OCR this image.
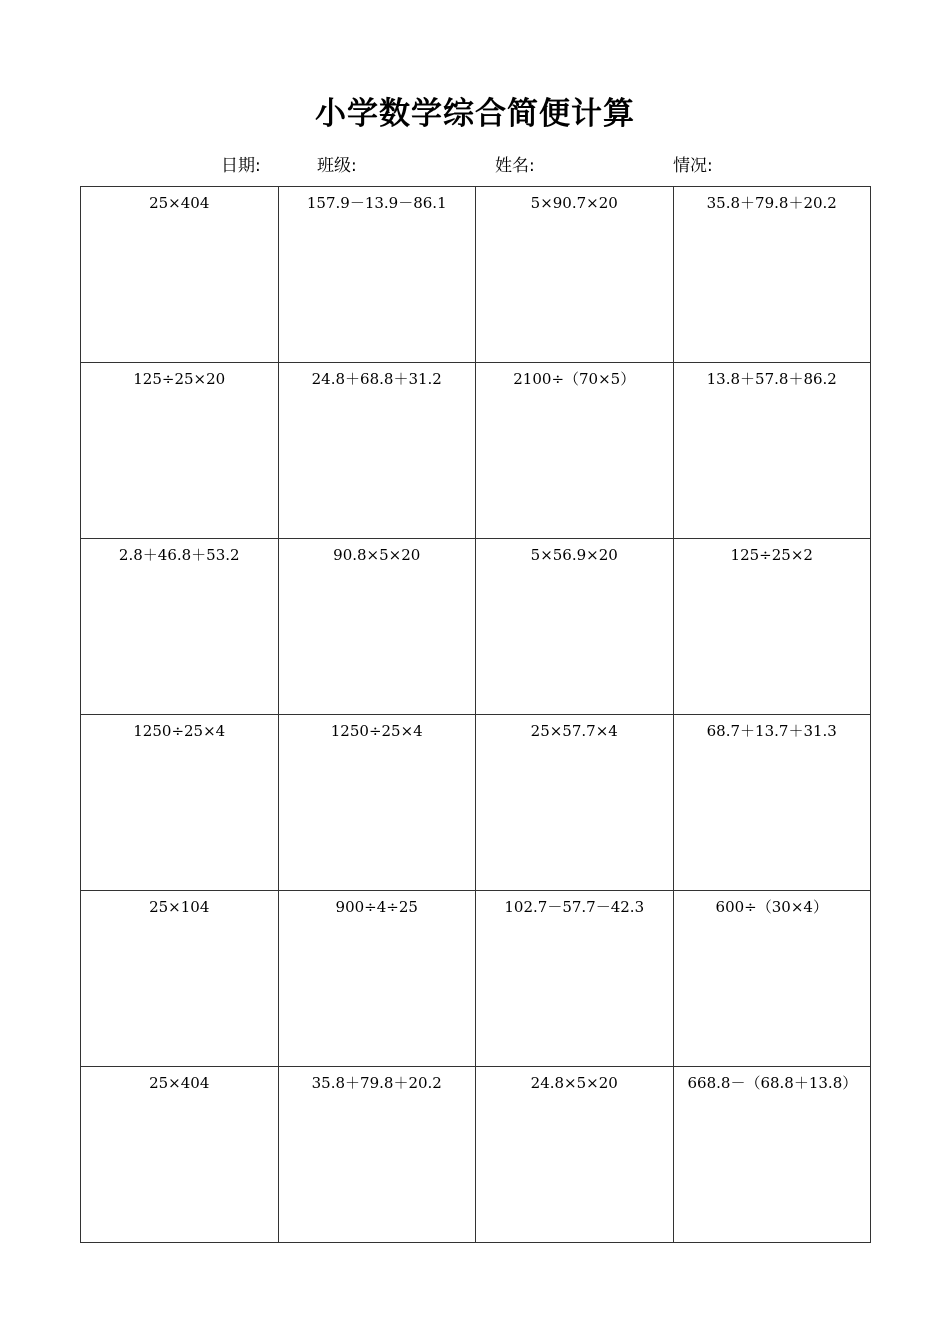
小学数学综合简便计算
日期:	班级:	姓名:	情况:
25×404	157.9－13.9－86.1	5×90.7×20	35.8＋79.8＋20.2
125÷25×20	24.8＋68.8＋31.2	2100÷（70×5）	13.8＋57.8＋86.2
2.8＋46.8＋53.2	90.8×5×20	5×56.9×20	125÷25×2
1250÷25×4	1250÷25×4	25×57.7×4	68.7＋13.7＋31.3
25×104	900÷4÷25	102.7－57.7－42.3	600÷（30×4）
25×404	35.8＋79.8＋20.2	24.8×5×20	668.8－（68.8＋13.8）
